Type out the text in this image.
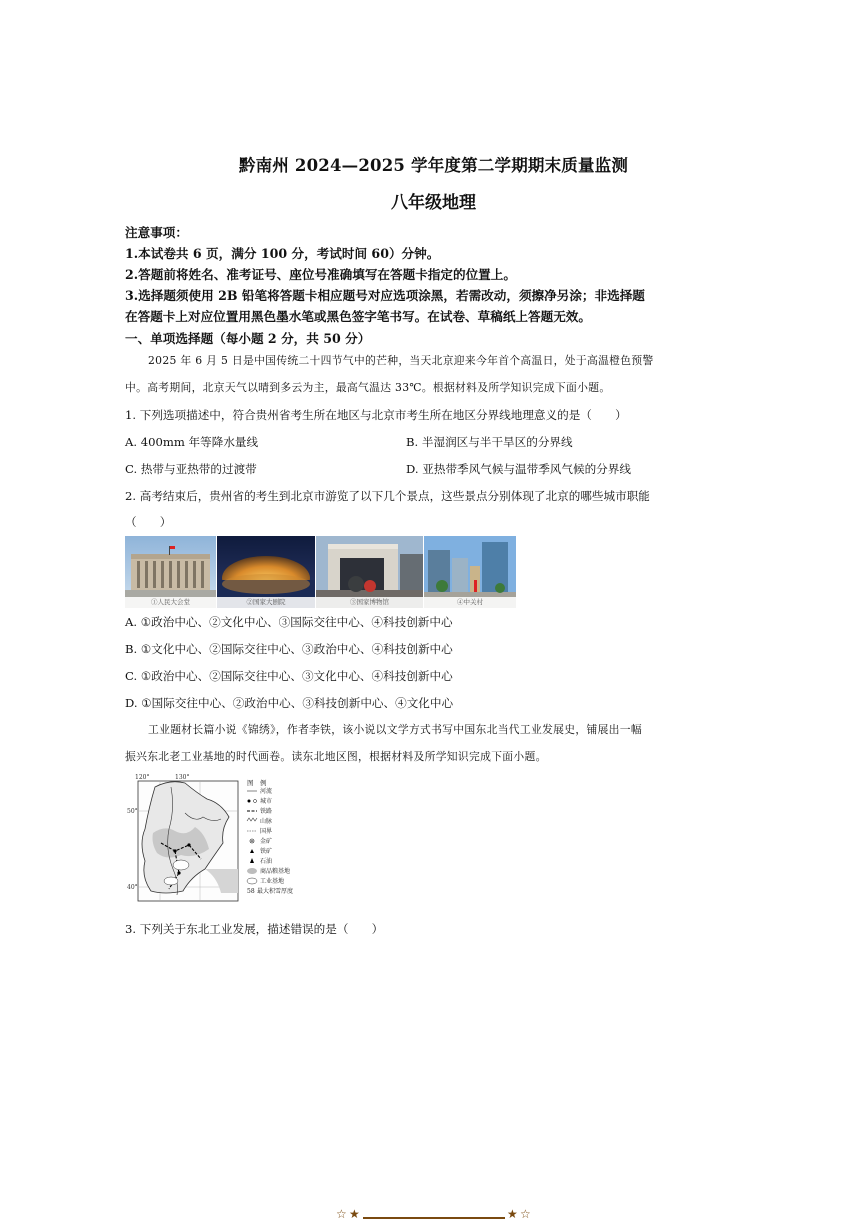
黔南州 2024—2025 学年度第二学期期末质量监测
八年级地理
注意事项：
1.本试卷共 6 页，满分 100 分，考试时间 60）分钟。
2.答题前将姓名、准考证号、座位号准确填写在答题卡指定的位置上。
3.选择题须使用 2B 铅笔将答题卡相应题号对应选项涂黑，若需改动，须擦净另涂；非选择题
在答题卡上对应位置用黑色墨水笔或黑色签字笔书写。在试卷、草稿纸上答题无效。
一、单项选择题（每小题 2 分，共 50 分）
2025 年 6 月 5 日是中国传统二十四节气中的芒种，当天北京迎来今年首个高温日，处于高温橙色预警
中。高考期间，北京天气以晴到多云为主，最高气温达 33℃。根据材料及所学知识完成下面小题。
1. 下列选项描述中，符合贵州省考生所在地区与北京市考生所在地区分界线地理意义的是（　　）
A. 400mm 年等降水量线	B. 半湿润区与半干旱区的分界线
C. 热带与亚热带的过渡带	D. 亚热带季风气候与温带季风气候的分界线
2. 高考结束后，贵州省的考生到北京市游览了以下几个景点，这些景点分别体现了北京的哪些城市职能
（　　）
①人民大会堂	②国家大剧院	③国家博物馆	④中关村
A. ①政治中心、②文化中心、③国际交往中心、④科技创新中心
B. ①文化中心、②国际交往中心、③政治中心、④科技创新中心
C. ①政治中心、②国际交往中心、③文化中心、④科技创新中心
D. ①国际交往中心、②政治中心、③科技创新中心、④文化中心
工业题材长篇小说《锦绣》，作者李铁，该小说以文学方式书写中国东北当代工业发展史，铺展出一幅
振兴东北老工业基地的时代画卷。读东北地区图，根据材料及所学知识完成下面小题。
120°	130°
50°
40°
图　例
河流
城市
铁路
山脉
国界
金矿
铁矿
石油
商品粮基地
工业基地
58 最大积雪厚度
3. 下列关于东北工业发展，描述错误的是（　　）
☆ ★	★ ☆
